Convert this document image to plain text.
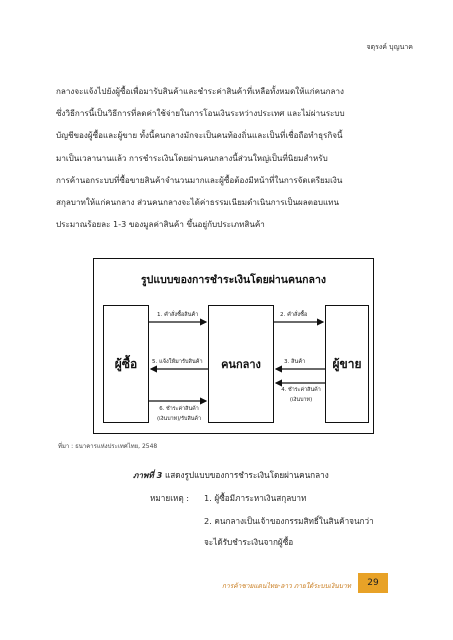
จตุรงค์ บุญนาค
กลางจะแจ้งไปยังผู้ซื้อเพื่อมารับสินค้าและชำระค่าสินค้าที่เหลือทั้งหมดให้แก่คนกลาง
ซึ่งวิธีการนี้เป็นวิธีการที่ลดค่าใช้จ่ายในการโอนเงินระหว่างประเทศ และไม่ผ่านระบบ
บัญชีของผู้ซื้อและผู้ขาย ทั้งนี้คนกลางมักจะเป็นคนท้องถิ่นและเป็นที่เชื่อถือทำธุรกิจนี้
มาเป็นเวลานานแล้ว การชำระเงินโดยผ่านคนกลางนี้ส่วนใหญ่เป็นที่นิยมสำหรับ
การค้านอกระบบที่ซื้อขายสินค้าจำนวนมากและผู้ซื้อต้องมีหน้าที่ในการจัดเตรียมเงิน
สกุลบาทให้แก่คนกลาง ส่วนคนกลางจะได้ค่าธรรมเนียมดำเนินการเป็นผลตอบแทน
ประมาณร้อยละ 1-3 ของมูลค่าสินค้า ขึ้นอยู่กับประเภทสินค้า
รูปแบบของการชำระเงินโดยผ่านคนกลาง
ผู้ซื้อ	คนกลาง	ผู้ขาย
1. คำสั่งซื้อสินค้า	2. คำสั่งซื้อ
5. แจ้งให้มารับสินค้า	3. สินค้า
4. ชำระค่าสินค้า
(เงินบาท)
6. ชำระค่าสินค้า
(เงินบาท)/รับสินค้า
ที่มา : ธนาคารแห่งประเทศไทย, 2548
ภาพที่ 3 แสดงรูปแบบของการชำระเงินโดยผ่านคนกลาง
หมายเหตุ : 1. ผู้ซื้อมีภาระหาเงินสกุลบาท
2. คนกลางเป็นเจ้าของกรรมสิทธิ์ในสินค้าจนกว่า
จะได้รับชำระเงินจากผู้ซื้อ
การค้าชายแดนไทย-ลาว ภายใต้ระบบเงินบาท	29
